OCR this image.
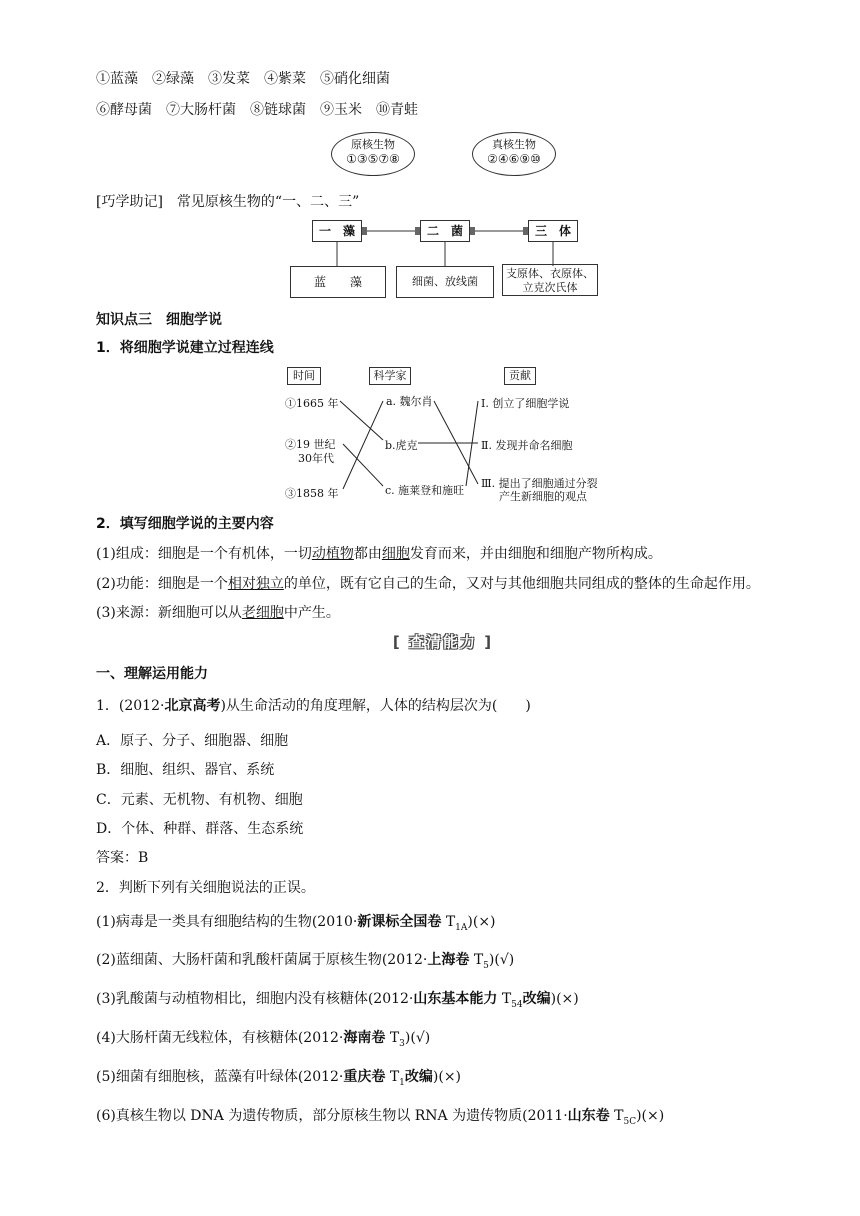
①蓝藻　②绿藻　③发菜　④紫菜　⑤硝化细菌
⑥酵母菌　⑦大肠杆菌　⑧链球菌　⑨玉米　⑩青蛙
原核生物
①③⑤⑦⑧
真核生物
②④⑥⑨⑩
[巧学助记]　常见原核生物的“一、二、三”
一　藻	二　菌	三　体
蓝　　藻	细菌、放线菌
支原体、衣原体、
立克次氏体
知识点三　细胞学说
1．将细胞学说建立过程连线
时间	科学家	贡献
①1665 年
②19 世纪
30年代
③1858 年
a. 魏尔肖
b.虎克
c. 施莱登和施旺
Ⅰ. 创立了细胞学说
Ⅱ. 发现并命名细胞
Ⅲ. 提出了细胞通过分裂
产生新细胞的观点
2．填写细胞学说的主要内容
(1)组成：细胞是一个有机体，一切动植物都由细胞发育而来，并由细胞和细胞产物所构成。
(2)功能：细胞是一个相对独立的单位，既有它自己的生命，又对与其他细胞共同组成的整体的生命起作用。
(3)来源：新细胞可以从老细胞中产生。
[ 查清能力 ]
一、理解运用能力
1．(2012·北京高考)从生命活动的角度理解，人体的结构层次为(　　)
A．原子、分子、细胞器、细胞
B．细胞、组织、器官、系统
C．元素、无机物、有机物、细胞
D．个体、种群、群落、生态系统
答案：B
2．判断下列有关细胞说法的正误。
(1)病毒是一类具有细胞结构的生物(2010·新课标全国卷 $T_{1A})(\times)$
(2)蓝细菌、大肠杆菌和乳酸杆菌属于原核生物(2012·上海卷 $T_5)(√)$
(3)乳酸菌与动植物相比，细胞内没有核糖体(2012·山东基本能力 $T_{54}$改编)(×)
(4)大肠杆菌无线粒体，有核糖体(2012·海南卷 $T_3)(√)$
(5)细菌有细胞核，蓝藻有叶绿体(2012·重庆卷 $T_1$改编)(×)
(6)真核生物以 DNA 为遗传物质，部分原核生物以 RNA 为遗传物质(2011·山东卷 $T_{5C})(\times)$
